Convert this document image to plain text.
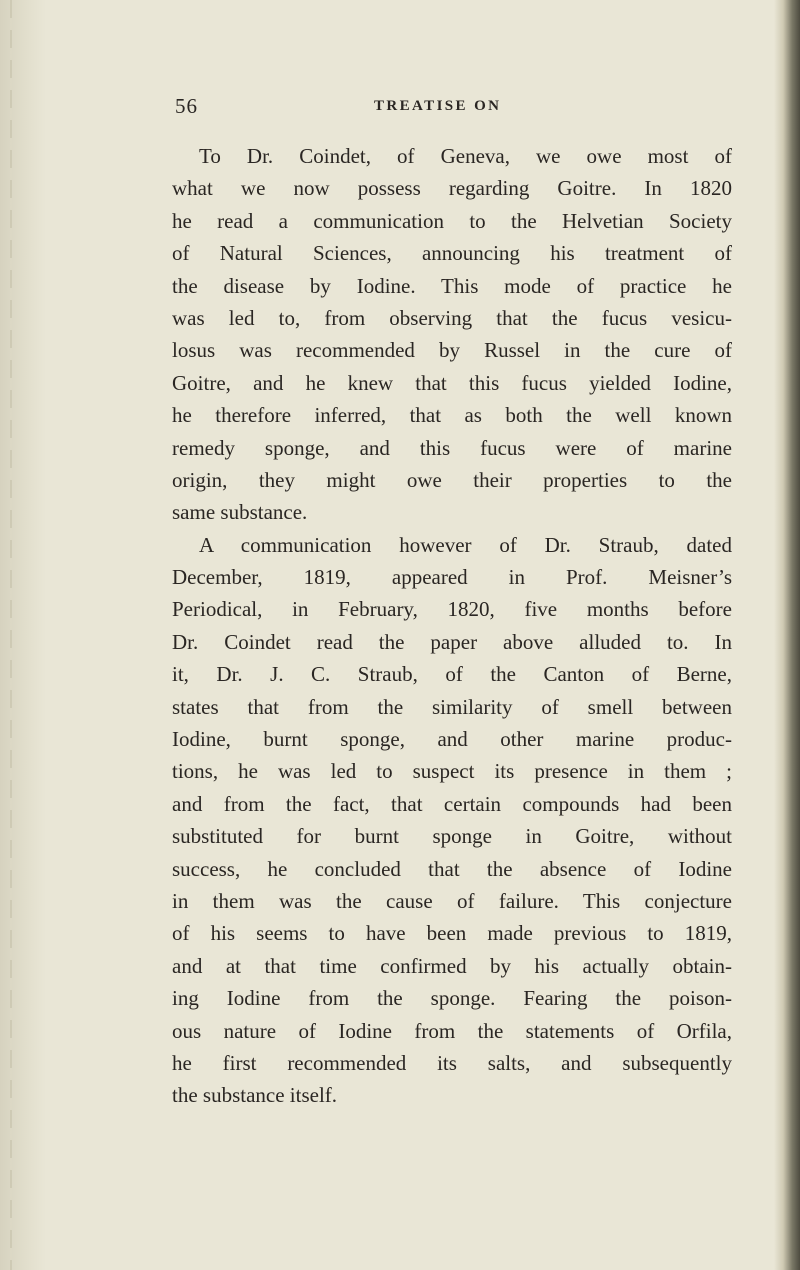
56	TREATISE ON
To Dr. Coindet, of Geneva, we owe most of
what we now possess regarding Goitre. In 1820
he read a communication to the Helvetian Society
of Natural Sciences, announcing his treatment of
the disease by Iodine. This mode of practice he
was led to, from observing that the fucus vesicu-
losus was recommended by Russel in the cure of
Goitre, and he knew that this fucus yielded Iodine,
he therefore inferred, that as both the well known
remedy sponge, and this fucus were of marine
origin, they might owe their properties to the
same substance.
A communication however of Dr. Straub, dated
December, 1819, appeared in Prof. Meisner’s
Periodical, in February, 1820, five months before
Dr. Coindet read the paper above alluded to. In
it, Dr. J. C. Straub, of the Canton of Berne,
states that from the similarity of smell between
Iodine, burnt sponge, and other marine produc-
tions, he was led to suspect its presence in them ;
and from the fact, that certain compounds had been
substituted for burnt sponge in Goitre, without
success, he concluded that the absence of Iodine
in them was the cause of failure. This conjecture
of his seems to have been made previous to 1819,
and at that time confirmed by his actually obtain-
ing Iodine from the sponge. Fearing the poison-
ous nature of Iodine from the statements of Orfila,
he first recommended its salts, and subsequently
the substance itself.
